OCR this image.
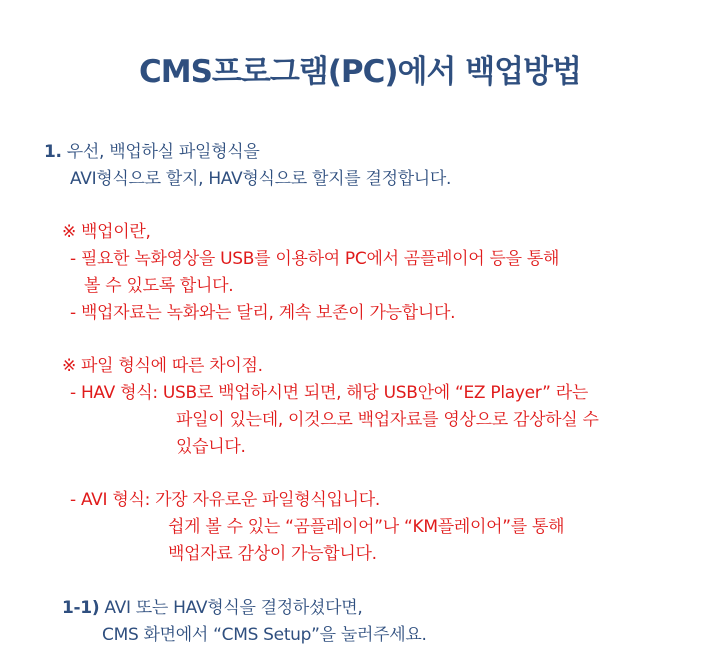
CMS프로그램(PC)에서 백업방법
1. 우선, 백업하실 파일형식을
AVI형식으로 할지, HAV형식으로 할지를 결정합니다.
※ 백업이란,
- 필요한 녹화영상을 USB를 이용하여 PC에서 곰플레이어 등을 통해
볼 수 있도록 합니다.
- 백업자료는 녹화와는 달리, 계속 보존이 가능합니다.
※ 파일 형식에 따른 차이점.
- HAV 형식: USB로 백업하시면 되면, 해당 USB안에 “EZ Player” 라는
파일이 있는데, 이것으로 백업자료를 영상으로 감상하실 수
있습니다.
- AVI 형식: 가장 자유로운 파일형식입니다.
쉽게 볼 수 있는 “곰플레이어”나 “KM플레이어”를 통해
백업자료 감상이 가능합니다.
1-1) AVI 또는 HAV형식을 결정하셨다면,
CMS 화면에서 “CMS Setup”을 눌러주세요.
